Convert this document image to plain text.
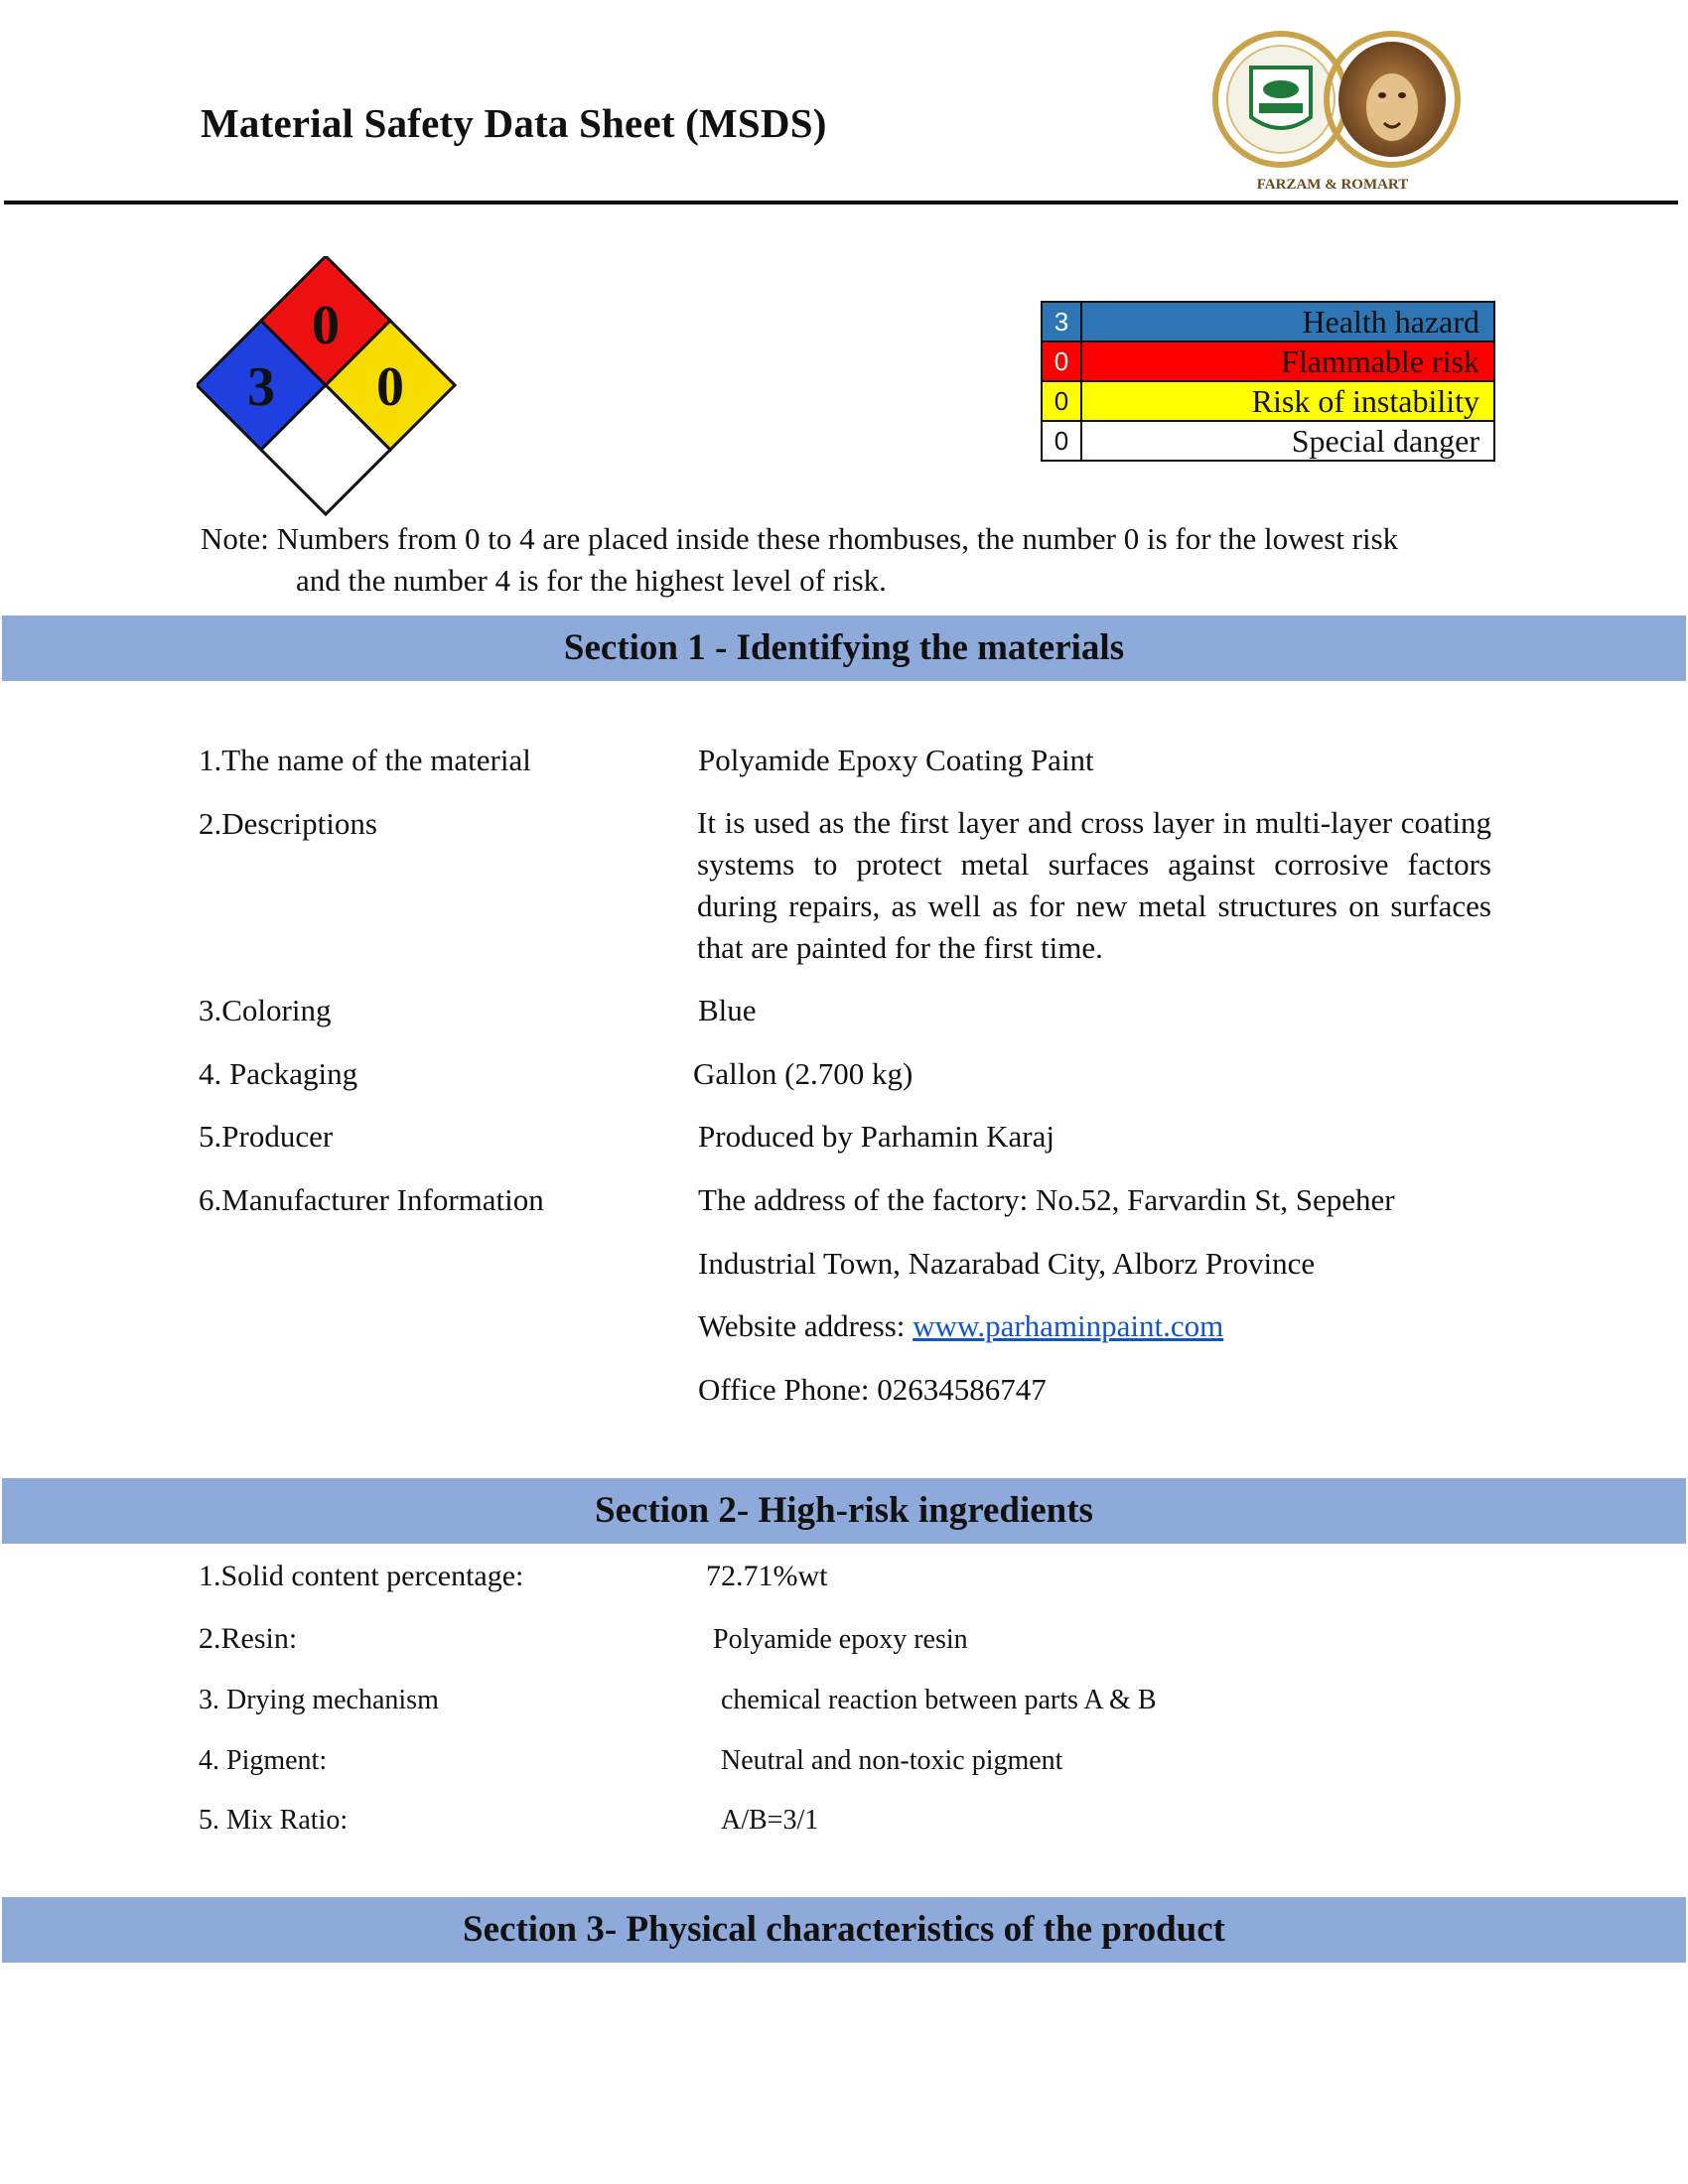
Material Safety Data Sheet (MSDS)
FARZAM & ROMART
3
0
0
3	Health hazard
0	Flammable risk
0	Risk of instability
0	Special danger
Note: Numbers from 0 to 4 are placed inside these rhombuses, the number 0 is for the lowest risk
and the number 4 is for the highest level of risk.
Section 1 - Identifying the materials
1.The name of the material	Polyamide Epoxy Coating Paint
2.Descriptions	It is used as the first layer and cross layer in multi-layer coating systems to protect metal surfaces against corrosive factors during repairs, as well as for new metal structures on surfaces that are painted for the first time.
3.Coloring	Blue
4. Packaging	Gallon (2.700 kg)
5.Producer	Produced by Parhamin Karaj
6.Manufacturer Information	The address of the factory: No.52, Farvardin St, Sepeher
Industrial Town, Nazarabad City, Alborz Province
Website address: www.parhaminpaint.com
Office Phone: 02634586747
Section 2- High-risk ingredients
1.Solid content percentage:	72.71%wt
2.Resin:	Polyamide epoxy resin
3. Drying mechanism	chemical reaction between parts A & B
4. Pigment:	Neutral and non-toxic pigment
5. Mix Ratio:	A/B=3/1
Section 3- Physical characteristics of the product
